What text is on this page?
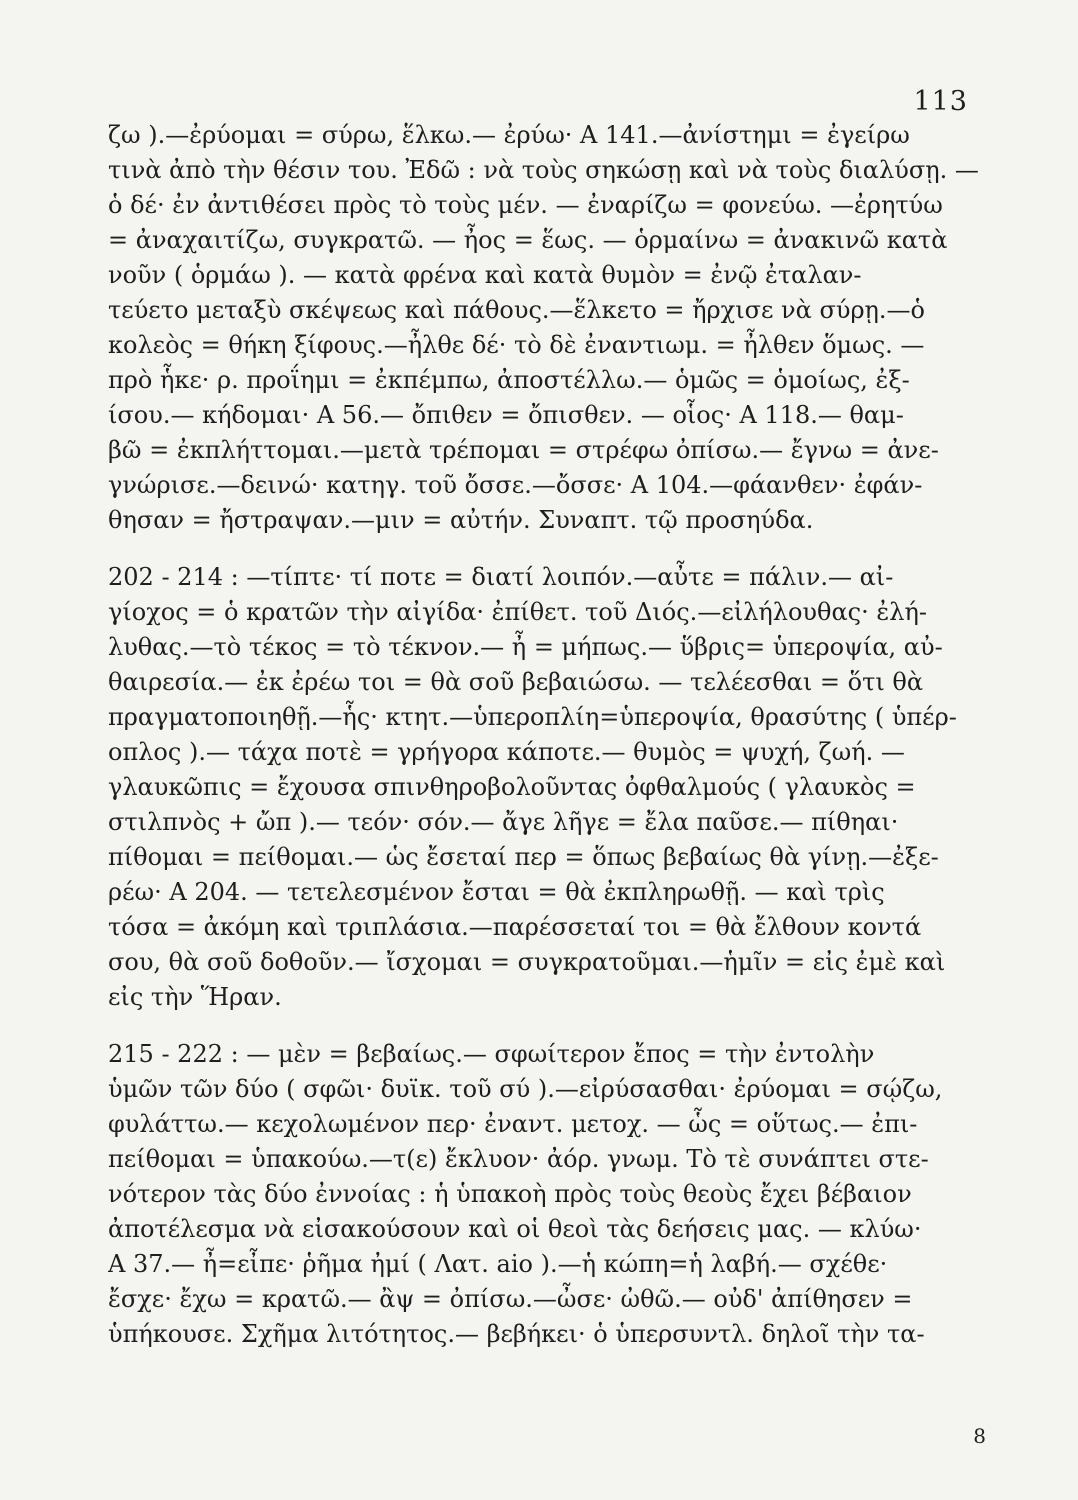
113
ζω ).—ἐρύομαι = σύρω, ἕλκω.— ἐρύω· A 141.—ἀνίστημι = ἐγείρω
τινὰ ἀπὸ τὴν θέσιν του. Ἐδῶ : νὰ τοὺς σηκώσῃ καὶ νὰ τοὺς διαλύσῃ. —
ὁ δέ· ἐν ἀντιθέσει πρὸς τὸ τοὺς μέν. — ἐναρίζω = φονεύω. —ἐρητύω
= ἀναχαιτίζω, συγκρατῶ. — ἦος = ἕως. — ὁρμαίνω = ἀνακινῶ κατὰ
νοῦν ( ὁρμάω ). — κατὰ φρένα καὶ κατὰ θυμὸν = ἐνῷ ἐταλαν-
τεύετο μεταξὺ σκέψεως καὶ πάθους.—ἕλκετο = ἤρχισε νὰ σύρῃ.—ὁ
κολεὸς = θήκη ξίφους.—ἦλθε δέ· τὸ δὲ ἐναντιωμ. = ἦλθεν ὅμως. —
πρὸ ἧκε· ρ. προΐημι = ἐκπέμπω, ἀποστέλλω.— ὁμῶς = ὁμοίως, ἐξ-
ίσου.— κήδομαι· A 56.— ὄπιθεν = ὄπισθεν. — οἷος· A 118.— θαμ-
βῶ = ἐκπλήττομαι.—μετὰ τρέπομαι = στρέφω ὀπίσω.— ἔγνω = ἀνε-
γνώρισε.—δεινώ· κατηγ. τοῦ ὄσσε.—ὄσσε· A 104.—φάανθεν· ἐφάν-
θησαν = ἤστραψαν.—μιν = αὐτήν. Συναπτ. τῷ προσηύδα.
202 - 214 : —τίπτε· τί ποτε = διατί λοιπόν.—αὖτε = πάλιν.— αἰ-
γίοχος = ὁ κρατῶν τὴν αἰγίδα· ἐπίθετ. τοῦ Διός.—εἰλήλουθας· ἐλή-
λυθας.—τὸ τέκος = τὸ τέκνον.— ἦ = μήπως.— ὕβρις= ὑπεροψία, αὐ-
θαιρεσία.— ἐκ ἐρέω τοι = θὰ σοῦ βεβαιώσω. — τελέεσθαι = ὅτι θὰ
πραγματοποιηθῇ.—ἧς· κτητ.—ὑπεροπλίη=ὑπεροψία, θρασύτης ( ὑπέρ-
οπλος ).— τάχα ποτὲ = γρήγορα κάποτε.— θυμὸς = ψυχή, ζωή. —
γλαυκῶπις = ἔχουσα σπινθηροβολοῦντας ὀφθαλμούς ( γλαυκὸς =
στιλπνὸς + ὤπ ).— τεόν· σόν.— ἄγε λῆγε = ἔλα παῦσε.— πίθηαι·
πίθομαι = πείθομαι.— ὡς ἔσεταί περ = ὅπως βεβαίως θὰ γίνῃ.—ἐξε-
ρέω· A 204. — τετελεσμένον ἔσται = θὰ ἐκπληρωθῇ. — καὶ τρὶς
τόσα = ἀκόμη καὶ τριπλάσια.—παρέσσεταί τοι = θὰ ἔλθουν κοντά
σου, θὰ σοῦ δοθοῦν.— ἴσχομαι = συγκρατοῦμαι.—ἡμῖν = εἰς ἐμὲ καὶ
εἰς τὴν Ἥραν.
215 - 222 : — μὲν = βεβαίως.— σφωίτερον ἔπος = τὴν ἐντολὴν
ὑμῶν τῶν δύο ( σφῶι· δυϊκ. τοῦ σύ ).—εἰρύσασθαι· ἐρύομαι = σῴζω,
φυλάττω.— κεχολωμένον περ· ἐναντ. μετοχ. — ὧς = οὕτως.— ἐπι-
πείθομαι = ὑπακούω.—τ(ε) ἔκλυον· ἀόρ. γνωμ. Τὸ τὲ συνάπτει στε-
νότερον τὰς δύο ἐννοίας : ἡ ὑπακοὴ πρὸς τοὺς θεοὺς ἔχει βέβαιον
ἀποτέλεσμα νὰ εἰσακούσουν καὶ οἱ θεοὶ τὰς δεήσεις μας. — κλύω·
A 37.— ἦ=εἶπε· ῥῆμα ἠμί ( Λατ. aio ).—ἡ κώπη=ἡ λαβή.— σχέθε·
ἔσχε· ἔχω = κρατῶ.— ἂψ = ὀπίσω.—ὦσε· ὠθῶ.— οὐδ' ἀπίθησεν =
ὑπήκουσε. Σχῆμα λιτότητος.— βεβήκει· ὁ ὑπερσυντλ. δηλοῖ τὴν τα-
8
